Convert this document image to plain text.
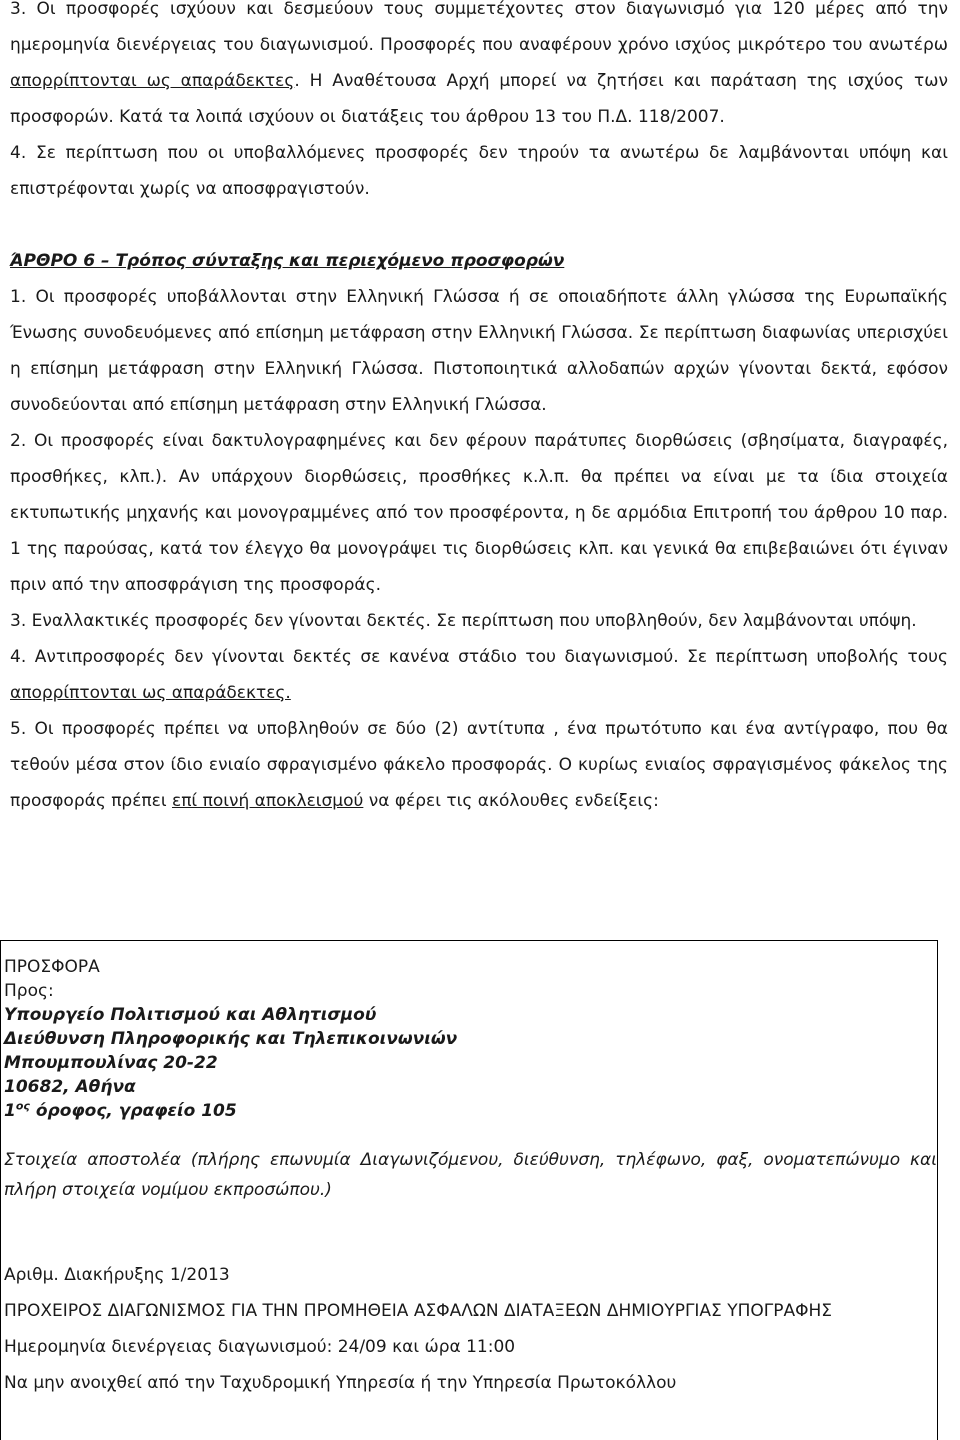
3. Οι προσφορές ισχύουν και δεσμεύουν τους συμμετέχοντες στον διαγωνισμό για 120 μέρες από την ημερομηνία διενέργειας του διαγωνισμού. Προσφορές που αναφέρουν χρόνο ισχύος μικρότερο του ανωτέρω απορρίπτονται ως απαράδεκτες. Η Αναθέτουσα Αρχή μπορεί να ζητήσει και παράταση της ισχύος των προσφορών. Κατά τα λοιπά ισχύουν οι διατάξεις του άρθρου 13 του Π.Δ. 118/2007.

4. Σε περίπτωση που οι υποβαλλόμενες προσφορές δεν τηρούν τα ανωτέρω δε λαμβάνονται υπόψη και επιστρέφονται χωρίς να αποσφραγιστούν.

ΆΡΘΡΟ 6 – Τρόπος σύνταξης και περιεχόμενο προσφορών

1. Οι προσφορές υποβάλλονται στην Ελληνική Γλώσσα ή σε οποιαδήποτε άλλη γλώσσα της Ευρωπαϊκής Ένωσης συνοδευόμενες από επίσημη μετάφραση στην Ελληνική Γλώσσα. Σε περίπτωση διαφωνίας υπερισχύει η επίσημη μετάφραση στην Ελληνική Γλώσσα. Πιστοποιητικά αλλοδαπών αρχών γίνονται δεκτά, εφόσον συνοδεύονται από επίσημη μετάφραση στην Ελληνική Γλώσσα.

2. Οι προσφορές είναι δακτυλογραφημένες και δεν φέρουν παράτυπες διορθώσεις (σβησίματα, διαγραφές, προσθήκες, κλπ.). Αν υπάρχουν διορθώσεις, προσθήκες κ.λ.π. θα πρέπει να είναι με τα ίδια στοιχεία εκτυπωτικής μηχανής και μονογραμμένες από τον προσφέροντα, η δε αρμόδια Επιτροπή του άρθρου 10 παρ. 1 της παρούσας, κατά τον έλεγχο θα μονογράψει τις διορθώσεις κλπ. και γενικά θα επιβεβαιώνει ότι έγιναν πριν από την αποσφράγιση της προσφοράς.

3. Εναλλακτικές προσφορές δεν γίνονται δεκτές. Σε περίπτωση που υποβληθούν, δεν λαμβάνονται υπόψη.

4. Αντιπροσφορές δεν γίνονται δεκτές σε κανένα στάδιο του διαγωνισμού. Σε περίπτωση υποβολής τους απορρίπτονται ως απαράδεκτες.

5. Οι προσφορές πρέπει να υποβληθούν σε δύο (2) αντίτυπα , ένα πρωτότυπο και ένα αντίγραφο, που θα τεθούν μέσα στον ίδιο ενιαίο σφραγισμένο φάκελο προσφοράς. Ο κυρίως ενιαίος σφραγισμένος φάκελος της προσφοράς πρέπει επί ποινή αποκλεισμού να φέρει τις ακόλουθες ενδείξεις:

ΠΡΟΣΦΟΡΑ

Προς:

Υπουργείο Πολιτισμού και Αθλητισμού

Διεύθυνση Πληροφορικής και Τηλεπικοινωνιών

Μπουμπουλίνας 20-22

10682, Αθήνα

$1^{o\varsigma}$ όροφος, γραφείο 105

Στοιχεία αποστολέα (πλήρης επωνυμία Διαγωνιζόμενου, διεύθυνση, τηλέφωνο, φαξ, ονοματεπώνυμο και πλήρη στοιχεία νομίμου εκπροσώπου.)

Αριθμ. Διακήρυξης 1/2013

ΠΡΟΧΕΙΡΟΣ ΔΙΑΓΩΝΙΣΜΟΣ ΓΙΑ ΤΗΝ ΠΡΟΜΗΘΕΙΑ ΑΣΦΑΛΩΝ ΔΙΑΤΑΞΕΩΝ ΔΗΜΙΟΥΡΓΙΑΣ ΥΠΟΓΡΑΦΗΣ

Ημερομηνία διενέργειας διαγωνισμού: 24/09 και ώρα 11:00

Να μην ανοιχθεί από την Ταχυδρομική Υπηρεσία ή την Υπηρεσία Πρωτοκόλλου
